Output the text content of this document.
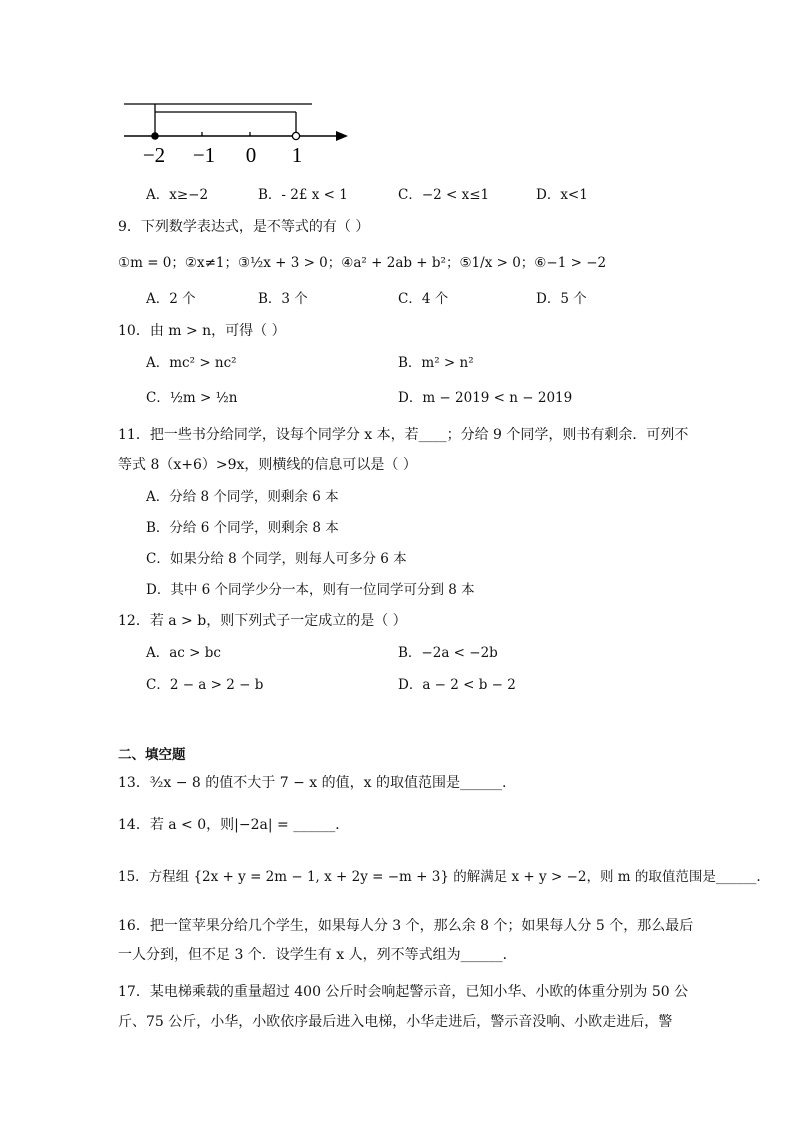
−2 −1 0 1
A．x≥−2	B．- 2£ x < 1	C．−2 < x≤1	D．x<1
9．下列数学表达式，是不等式的有（ ）
①m = 0；②x≠1；③½x + 3 > 0；④a² + 2ab + b²；⑤1/x > 0；⑥−1 > −2
A．2 个	B．3 个	C．4 个	D．5 个
10．由 m > n，可得（ ）
A．mc² > nc²	B．m² > n²
C．½m > ½n	D．m − 2019 < n − 2019
11．把一些书分给同学，设每个同学分 x 本，若____；分给 9 个同学，则书有剩余．可列不
等式 8（x+6）>9x，则横线的信息可以是（ ）
A．分给 8 个同学，则剩余 6 本
B．分给 6 个同学，则剩余 8 本
C．如果分给 8 个同学，则每人可多分 6 本
D．其中 6 个同学少分一本，则有一位同学可分到 8 本
12．若 a > b，则下列式子一定成立的是（ ）
A．ac > bc	B．−2a < −2b
C．2 − a > 2 − b	D．a − 2 < b − 2
二、填空题
13．³⁄₂x − 8 的值不大于 7 − x 的值，x 的取值范围是______.
14．若 a < 0，则|−2a| = ______．
15．方程组 {2x + y = 2m − 1, x + 2y = −m + 3} 的解满足 x + y > −2，则 m 的取值范围是______.
16．把一筐苹果分给几个学生，如果每人分 3 个，那么余 8 个；如果每人分 5 个，那么最后
一人分到，但不足 3 个．设学生有 x 人，列不等式组为______．
17．某电梯乘载的重量超过 400 公斤时会响起警示音，已知小华、小欧的体重分别为 50 公
斤、75 公斤，小华，小欧依序最后进入电梯，小华走进后，警示音没响、小欧走进后，警
